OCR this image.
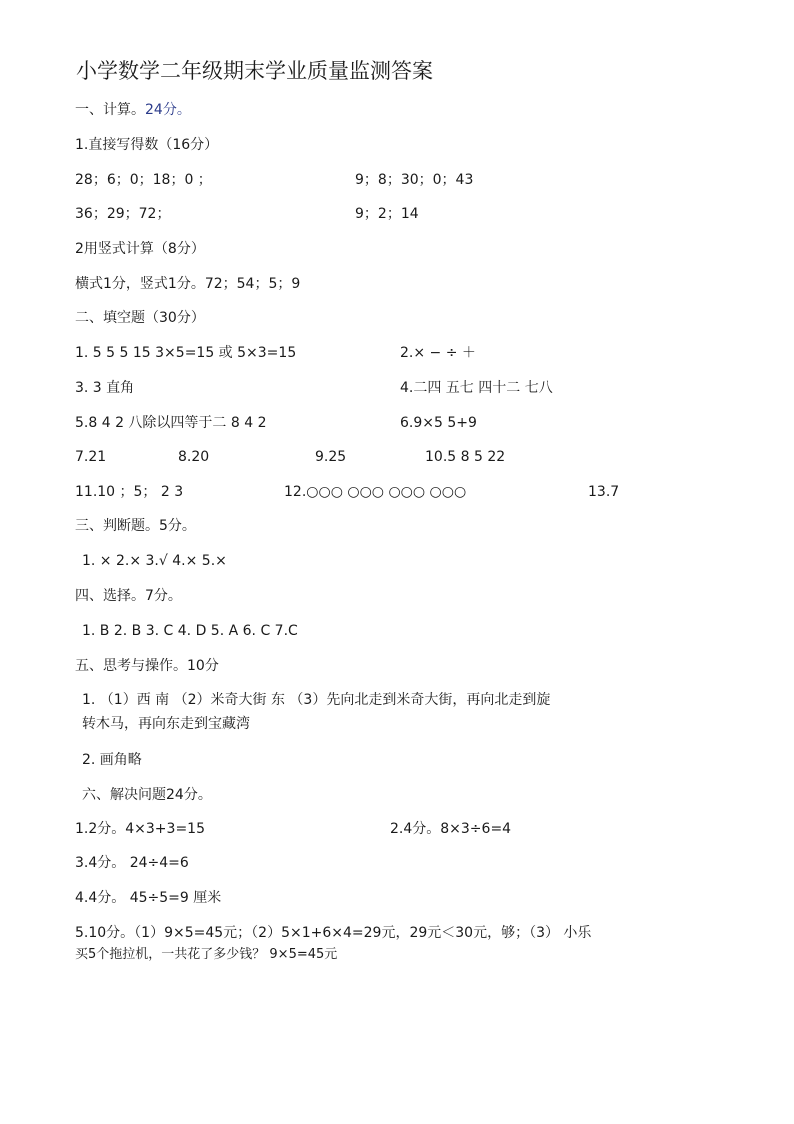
小学数学二年级期末学业质量监测答案
一、计算。24分。
1.直接写得数（16分）
28；6；0；18；0 ；	9；8；30；0；43
36；29；72；	9；2；14
2用竖式计算（8分）
横式1分，竖式1分。72；54；5；9
二、填空题（30分）
1. 5 5 5 15 3×5=15 或 5×3=15	2.× − ÷ ＋
3. 3 直角	4.二四 五七 四十二 七八
5.8 4 2 八除以四等于二 8 4 2	6.9×5 5+9
7.21	8.20	9.25	10.5 8 5 22
11.10 ；5； 2 3	12.○○○ ○○○ ○○○ ○○○	13.7
三、判断题。5分。
1. × 2.× 3.√ 4.× 5.×
四、选择。7分。
1. B 2. B 3. C 4. D 5. A 6. C 7.C
五、思考与操作。10分
1. （1）西 南 （2）米奇大街 东 （3）先向北走到米奇大街，再向北走到旋
转木马，再向东走到宝藏湾
2. 画角略
六、解决问题24分。
1.2分。4×3+3=15	2.4分。8×3÷6=4
3.4分。 24÷4=6
4.4分。 45÷5=9 厘米
5.10分。（1）9×5=45元；（2）5×1+6×4=29元，29元＜30元，够；（3） 小乐
买5个拖拉机，一共花了多少钱？ 9×5=45元
